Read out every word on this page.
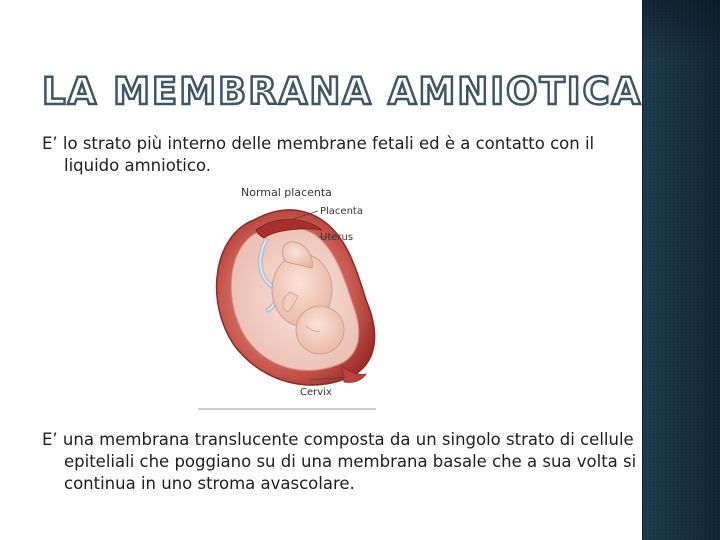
LA MEMBRANA AMNIOTICA

E’ lo strato più interno delle membrane fetali ed è a contatto con il liquido amniotico.

Normal placenta
Placenta
Uterus
Cervix

E’ una membrana translucente composta da un singolo strato di cellule epiteliali che poggiano su di una membrana basale che a sua volta si continua in uno stroma avascolare.
